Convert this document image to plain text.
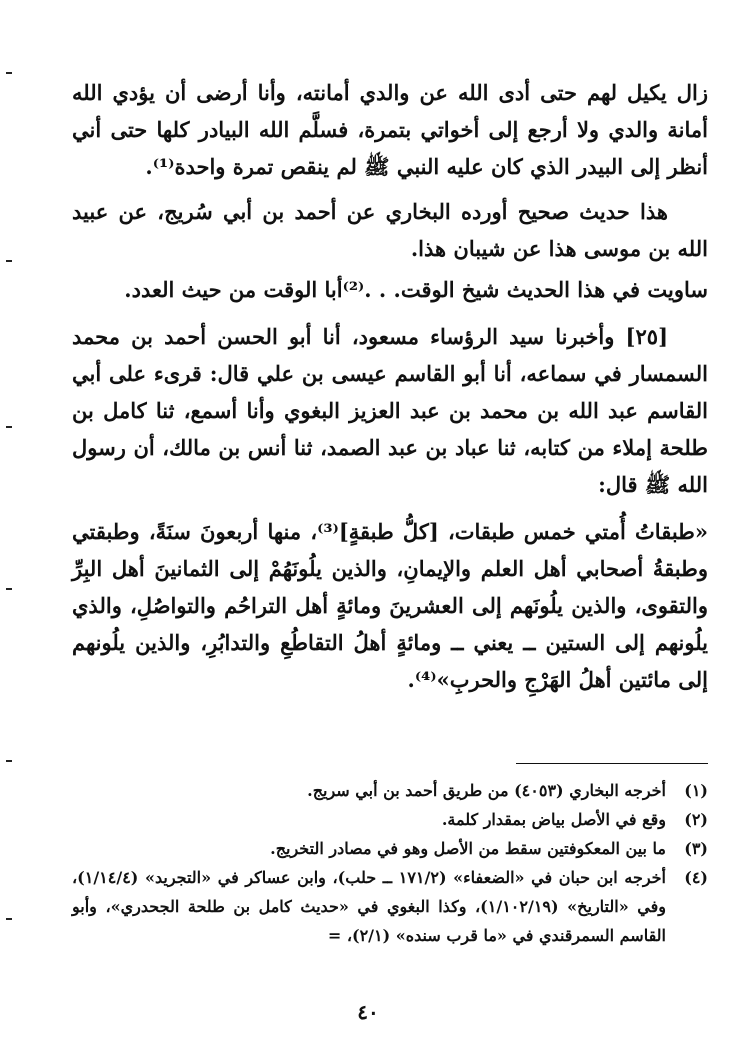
زال يكيل لهم حتى أدى الله عن والدي أمانته، وأنا أرضى أن يؤدي الله أمانة والدي ولا أرجع إلى أخواتي بتمرة، فسلَّم الله البيادر كلها حتى أني أنظر إلى البيدر الذي كان عليه النبي ﷺ لم ينقص تمرة واحدة⁽¹⁾.

هذا حديث صحيح أورده البخاري عن أحمد بن أبي سُريج، عن عبيد الله بن موسى هذا عن شيبان هذا.

ساويت في هذا الحديث شيخ الوقت. . .⁽²⁾أبا الوقت من حيث العدد.

[٢٥] وأخبرنا سيد الرؤساء مسعود، أنا أبو الحسن أحمد بن محمد السمسار في سماعه، أنا أبو القاسم عيسى بن علي قال: قرىء على أبي القاسم عبد الله بن محمد بن عبد العزيز البغوي وأنا أسمع، ثنا كامل بن طلحة إملاء من كتابه، ثنا عباد بن عبد الصمد، ثنا أنس بن مالك، أن رسول الله ﷺ قال:

«طبقاتُ أُمتي خمس طبقات، [كلُّ طبقةٍ]⁽³⁾، منها أربعونَ سنَةً، وطبقتي وطبقةُ أصحابي أهل العلم والإيمانِ، والذين يلُونَهُمْ إلى الثمانينَ أهل البِرِّ والتقوى، والذين يلُونَهم إلى العشرينَ ومائةٍ أهل التراحُم والتواصُلِ، والذي يلُونهم إلى الستين ــ يعني ــ ومائةٍ أهلُ التقاطُعِ والتدابُرِ، والذين يلُونهم إلى مائتين أهلُ الهَرْجِ والحربِ»⁽⁴⁾.

(١)
أخرجه البخاري (٤٠٥٣) من طريق أحمد بن أبي سريج.
(٢)
وقع في الأصل بياض بمقدار كلمة.
(٣)
ما بين المعكوفتين سقط من الأصل وهو في مصادر التخريج.
(٤)
أخرجه ابن حبان في «الضعفاء» (١٧١/٢ ــ حلب)، وابن عساكر في «التجريد» (١/١٤/٤)، وفي «التاريخ» (١/١٠٢/١٩)، وكذا البغوي في «حديث كامل بن طلحة الجحدري»، وأبو القاسم السمرقندي في «ما قرب سنده» (٢/١)، =
٤٠
